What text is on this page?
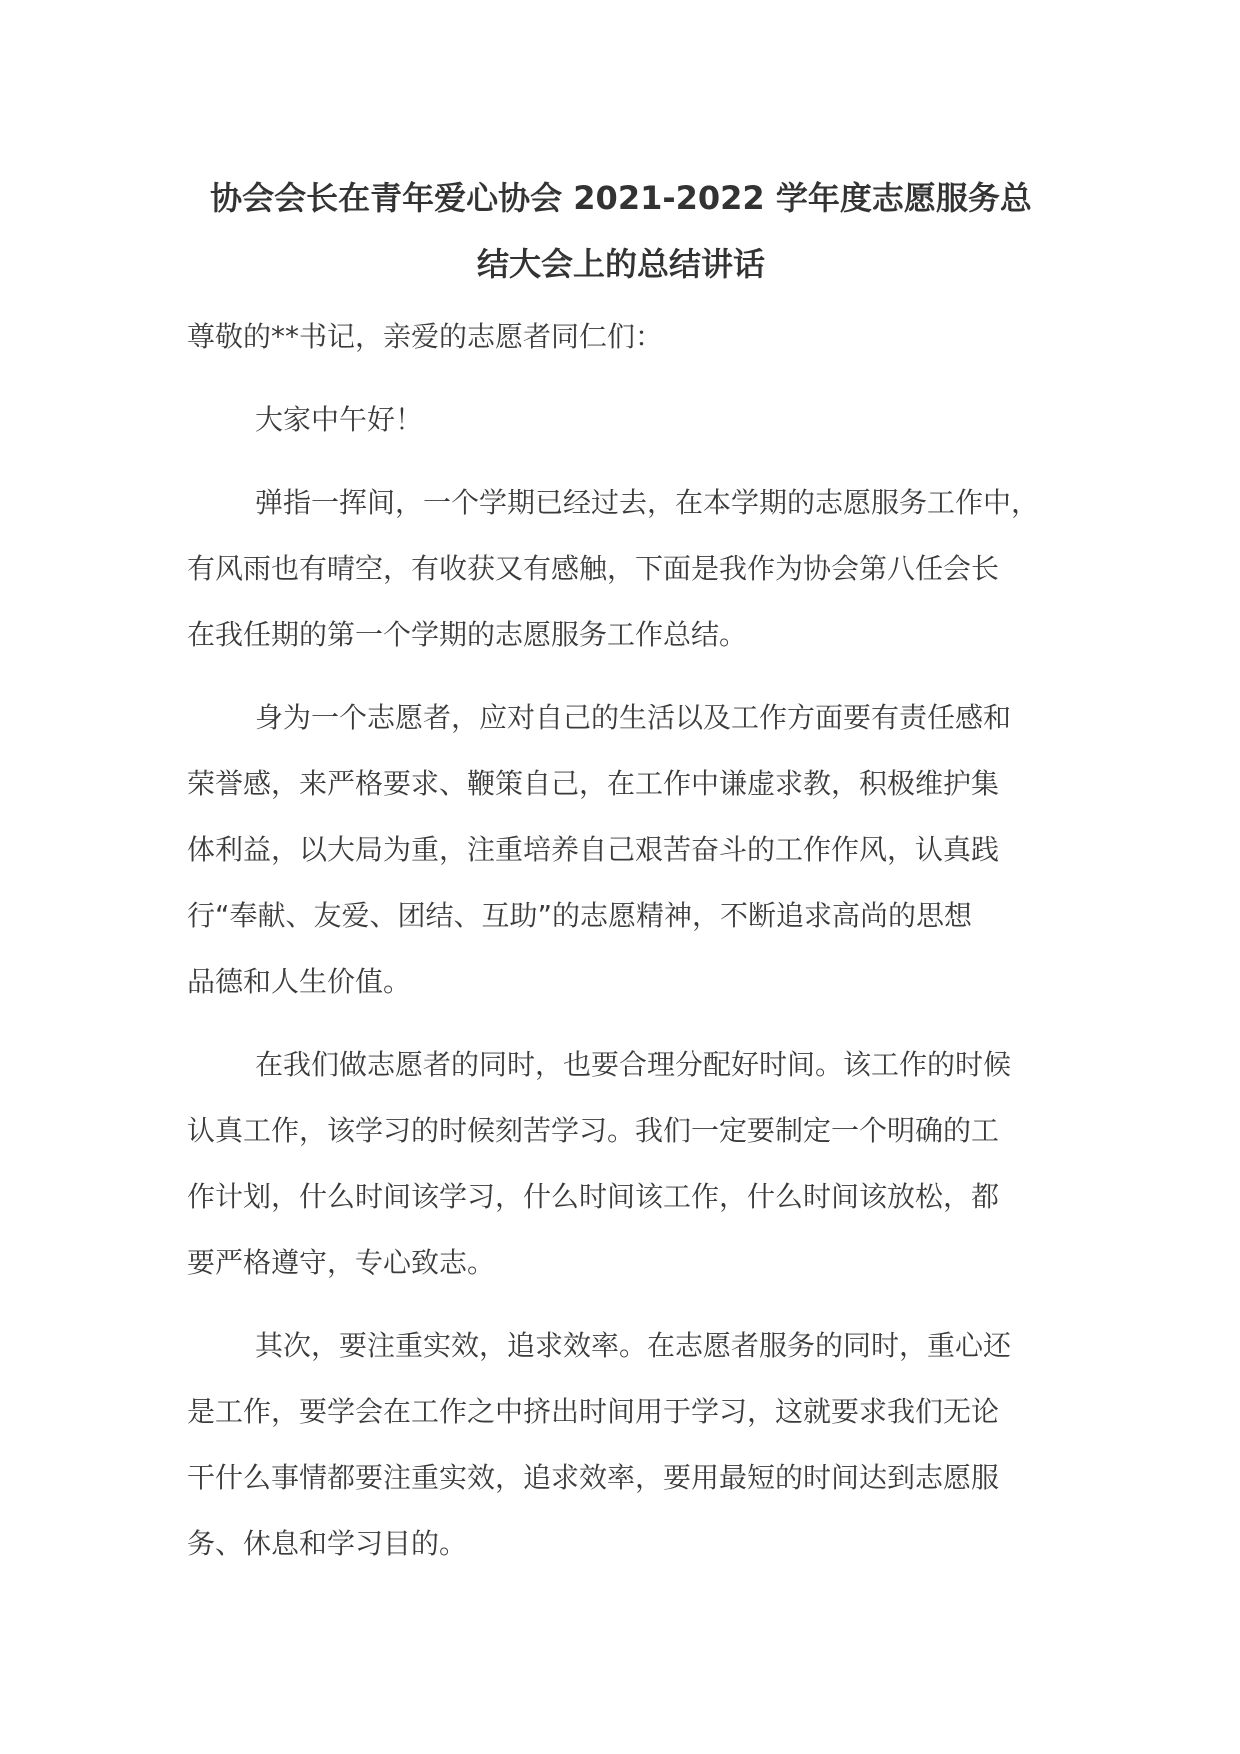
协会会长在青年爱心协会 2021-2022 学年度志愿服务总
结大会上的总结讲话

尊敬的**书记，亲爱的志愿者同仁们：

大家中午好！

弹指一挥间，一个学期已经过去，在本学期的志愿服务工作中，
有风雨也有晴空，有收获又有感触，下面是我作为协会第八任会长
在我任期的第一个学期的志愿服务工作总结。

身为一个志愿者，应对自己的生活以及工作方面要有责任感和
荣誉感，来严格要求、鞭策自己，在工作中谦虚求教，积极维护集
体利益，以大局为重，注重培养自己艰苦奋斗的工作作风，认真践
行“奉献、友爱、团结、互助”的志愿精神，不断追求高尚的思想
品德和人生价值。

在我们做志愿者的同时，也要合理分配好时间。该工作的时候
认真工作，该学习的时候刻苦学习。我们一定要制定一个明确的工
作计划，什么时间该学习，什么时间该工作，什么时间该放松，都
要严格遵守，专心致志。

其次，要注重实效，追求效率。在志愿者服务的同时，重心还
是工作，要学会在工作之中挤出时间用于学习，这就要求我们无论
干什么事情都要注重实效，追求效率，要用最短的时间达到志愿服
务、休息和学习目的。
